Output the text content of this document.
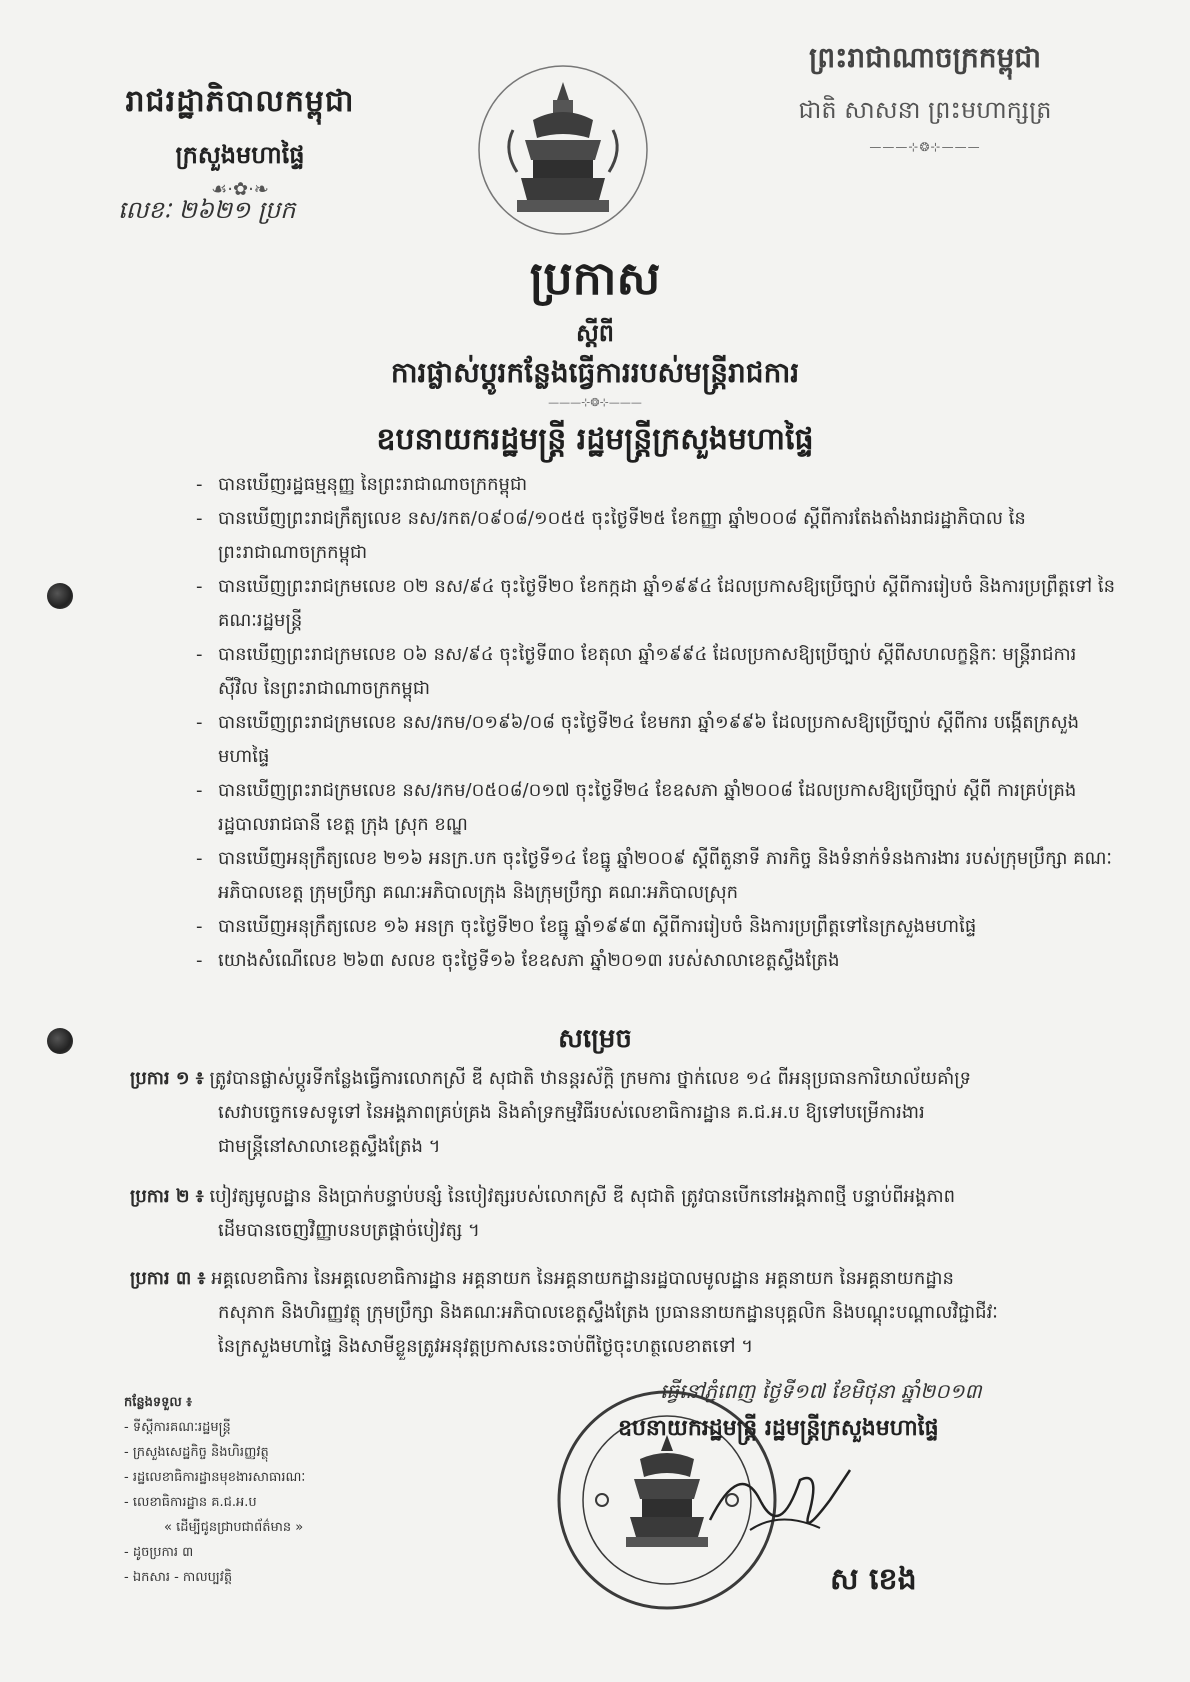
រាជរដ្ឋាភិបាលកម្ពុជា
ក្រសួងមហាផ្ទៃ
☙·✿·❧
លេខៈ ២៦២១ ប្រក
ព្រះរាជាណាចក្រកម្ពុជា
ជាតិ សាសនា ព្រះមហាក្សត្រ
———⊹❂⊹———
ប្រកាស
ស្តីពី
ការផ្លាស់ប្តូរកន្លែងធ្វើការរបស់មន្ត្រីរាជការ
———⊹❂⊹———
ឧបនាយករដ្ឋមន្ត្រី រដ្ឋមន្ត្រីក្រសួងមហាផ្ទៃ
- បានឃើញរដ្ឋធម្មនុញ្ញ នៃព្រះរាជាណាចក្រកម្ពុជា
- បានឃើញព្រះរាជក្រឹត្យលេខ នស/រកត/០៩០៨/១០៥៥ ចុះថ្ងៃទី២៥ ខែកញ្ញា ឆ្នាំ២០០៨ ស្តីពីការតែងតាំងរាជរដ្ឋាភិបាល នៃព្រះរាជាណាចក្រកម្ពុជា
- បានឃើញព្រះរាជក្រមលេខ ០២ នស/៩៤ ចុះថ្ងៃទី២០ ខែកក្កដា ឆ្នាំ១៩៩៤ ដែលប្រកាសឱ្យប្រើច្បាប់ ស្តីពីការរៀបចំ និងការប្រព្រឹត្តទៅ នៃគណៈរដ្ឋមន្ត្រី
- បានឃើញព្រះរាជក្រមលេខ ០៦ នស/៩៤ ចុះថ្ងៃទី៣០ ខែតុលា ឆ្នាំ១៩៩៤ ដែលប្រកាសឱ្យប្រើច្បាប់ ស្តីពីសហលក្ខន្តិកៈ មន្ត្រីរាជការស៊ីវិល នៃព្រះរាជាណាចក្រកម្ពុជា
- បានឃើញព្រះរាជក្រមលេខ នស/រកម/០១៩៦/០៨ ចុះថ្ងៃទី២៤ ខែមករា ឆ្នាំ១៩៩៦ ដែលប្រកាសឱ្យប្រើច្បាប់ ស្តីពីការ បង្កើតក្រសួងមហាផ្ទៃ
- បានឃើញព្រះរាជក្រមលេខ នស/រកម/០៥០៨/០១៧ ចុះថ្ងៃទី២៤ ខែឧសភា ឆ្នាំ២០០៨ ដែលប្រកាសឱ្យប្រើច្បាប់ ស្តីពី ការគ្រប់គ្រងរដ្ឋបាលរាជធានី ខេត្ត ក្រុង ស្រុក ខណ្ឌ
- បានឃើញអនុក្រឹត្យលេខ ២១៦ អនក្រ.បក ចុះថ្ងៃទី១៤ ខែធ្នូ ឆ្នាំ២០០៩ ស្តីពីតួនាទី ភារកិច្ច និងទំនាក់ទំនងការងារ របស់ក្រុមប្រឹក្សា គណៈអភិបាលខេត្ត ក្រុមប្រឹក្សា គណៈអភិបាលក្រុង និងក្រុមប្រឹក្សា គណៈអភិបាលស្រុក
- បានឃើញអនុក្រឹត្យលេខ ១៦ អនក្រ ចុះថ្ងៃទី២០ ខែធ្នូ ឆ្នាំ១៩៩៣ ស្តីពីការរៀបចំ និងការប្រព្រឹត្តទៅនៃក្រសួងមហាផ្ទៃ
- យោងសំណើលេខ ២៦៣ សលខ ចុះថ្ងៃទី១៦ ខែឧសភា ឆ្នាំ២០១៣ របស់សាលាខេត្តស្ទឹងត្រែង
សម្រេច
ប្រការ ១ ៖ ត្រូវបានផ្លាស់ប្តូរទីកន្លែងធ្វើការលោកស្រី ឌី សុជាតិ ឋានន្តរស័ក្តិ ក្រមការ ថ្នាក់លេខ ១៤ ពីអនុប្រធានការិយាល័យគាំទ្រ
សេវាបច្ចេកទេសទូទៅ នៃអង្គភាពគ្រប់គ្រង និងគាំទ្រកម្មវិធីរបស់លេខាធិការដ្ឋាន គ.ជ.អ.ប ឱ្យទៅបម្រើការងារ
ជាមន្ត្រីនៅសាលាខេត្តស្ទឹងត្រែង ។
ប្រការ ២ ៖ បៀវត្សមូលដ្ឋាន និងប្រាក់បន្ទាប់បន្សំ នៃបៀវត្សរបស់លោកស្រី ឌី សុជាតិ ត្រូវបានបើកនៅអង្គភាពថ្មី បន្ទាប់ពីអង្គភាព
ដើមបានចេញវិញ្ញាបនបត្រផ្តាច់បៀវត្ស ។
ប្រការ ៣ ៖ អគ្គលេខាធិការ នៃអគ្គលេខាធិការដ្ឋាន អគ្គនាយក នៃអគ្គនាយកដ្ឋានរដ្ឋបាលមូលដ្ឋាន អគ្គនាយក នៃអគ្គនាយកដ្ឋាន
កសុភាក និងហិរញ្ញវត្ថុ ក្រុមប្រឹក្សា និងគណៈអភិបាលខេត្តស្ទឹងត្រែង ប្រធាននាយកដ្ឋានបុគ្គលិក និងបណ្តុះបណ្តាលវិជ្ជាជីវៈ
នៃក្រសួងមហាផ្ទៃ និងសាមីខ្លួនត្រូវអនុវត្តប្រកាសនេះចាប់ពីថ្ងៃចុះហត្ថលេខាតទៅ ។
ធ្វើនៅភ្នំពេញ ថ្ងៃទី១៧ ខែមិថុនា ឆ្នាំ២០១៣
ឧបនាយករដ្ឋមន្ត្រី រដ្ឋមន្ត្រីក្រសួងមហាផ្ទៃ
ស ខេង
កន្លែងទទួល ៖
- ទីស្តីការគណៈរដ្ឋមន្ត្រី
- ក្រសួងសេដ្ឋកិច្ច និងហិរញ្ញវត្ថុ
- រដ្ឋលេខាធិការដ្ឋានមុខងារសាធារណៈ
- លេខាធិការដ្ឋាន គ.ជ.អ.ប
« ដើម្បីជូនជ្រាបជាព័ត៌មាន »
- ដូចប្រការ ៣
- ឯកសារ - កាលប្បវត្តិ
